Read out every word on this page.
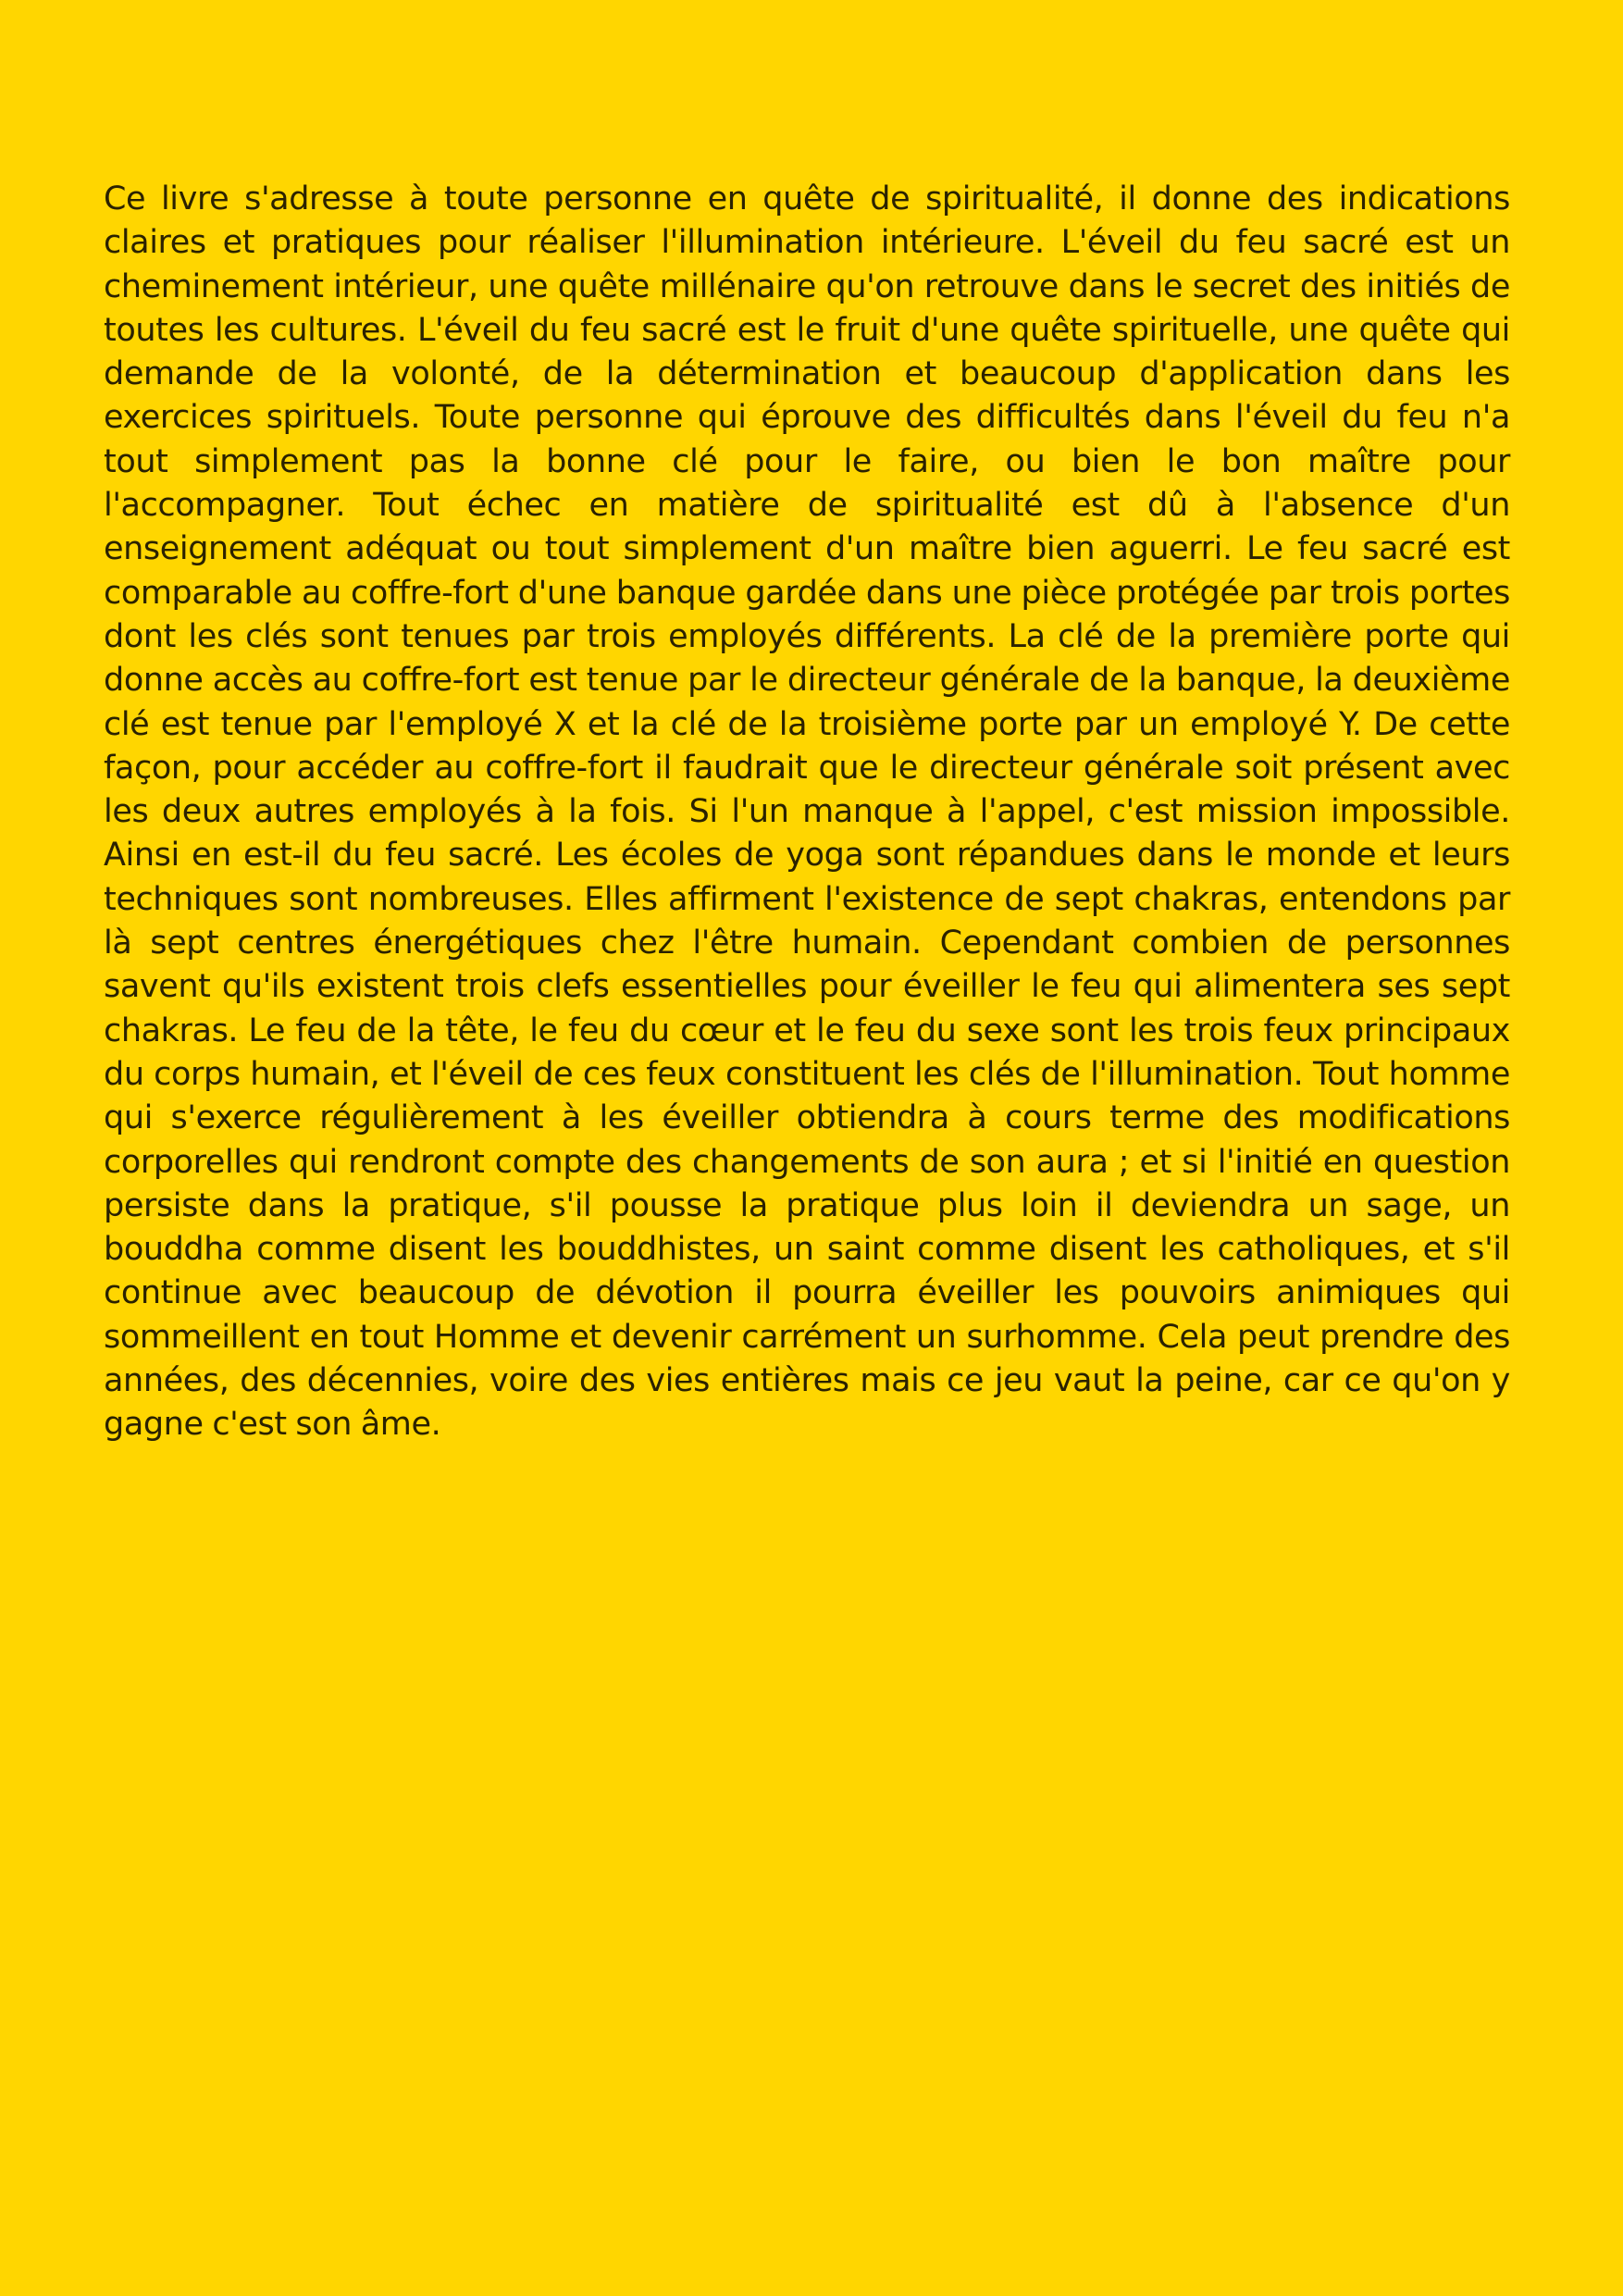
Ce livre s'adresse à toute personne en quête de spiritualité, il donne des indications claires et pratiques pour réaliser l'illumination intérieure. L'éveil du feu sacré est un cheminement intérieur, une quête millénaire qu'on retrouve dans le secret des initiés de toutes les cultures. L'éveil du feu sacré est le fruit d'une quête spirituelle, une quête qui demande de la volonté, de la détermination et beaucoup d'application dans les exercices spirituels. Toute personne qui éprouve des difficultés dans l'éveil du feu n'a tout simplement pas la bonne clé pour le faire, ou bien le bon maître pour l'accompagner. Tout échec en matière de spiritualité est dû à l'absence d'un enseignement adéquat ou tout simplement d'un maître bien aguerri. Le feu sacré est comparable au coffre-fort d'une banque gardée dans une pièce protégée par trois portes dont les clés sont tenues par trois employés différents. La clé de la première porte qui donne accès au coffre-fort est tenue par le directeur générale de la banque, la deuxième clé est tenue par l'employé X et la clé de la troisième porte par un employé Y. De cette façon, pour accéder au coffre-fort il faudrait que le directeur générale soit présent avec les deux autres employés à la fois. Si l'un manque à l'appel, c'est mission impossible. Ainsi en est-il du feu sacré. Les écoles de yoga sont répandues dans le monde et leurs techniques sont nombreuses. Elles affirment l'existence de sept chakras, entendons par là sept centres énergétiques chez l'être humain. Cependant combien de personnes savent qu'ils existent trois clefs essentielles pour éveiller le feu qui alimentera ses sept chakras. Le feu de la tête, le feu du cœur et le feu du sexe sont les trois feux principaux du corps humain, et l'éveil de ces feux constituent les clés de l'illumination. Tout homme qui s'exerce régulièrement à les éveiller obtiendra à cours terme des modifications corporelles qui rendront compte des changements de son aura ; et si l'initié en question persiste dans la pratique, s'il pousse la pratique plus loin il deviendra un sage, un bouddha comme disent les bouddhistes, un saint comme disent les catholiques, et s'il continue avec beaucoup de dévotion il pourra éveiller les pouvoirs animiques qui sommeillent en tout Homme et devenir carrément un surhomme. Cela peut prendre des années, des décennies, voire des vies entières mais ce jeu vaut la peine, car ce qu'on y gagne c'est son âme.
